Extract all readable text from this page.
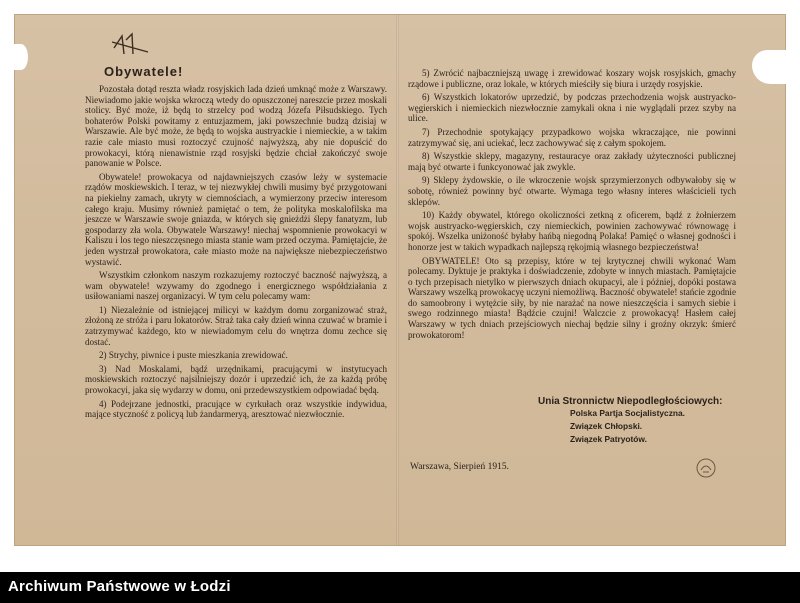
Obywatele!

Pozostała dotąd reszta władz rosyjskich lada dzień umknąć może z Warszawy. Niewiadomo jakie wojska wkroczą wtedy do opuszczonej nareszcie przez moskali stolicy. Być może, iż będą to strzelcy pod wodzą Józefa Piłsudskiego. Tych bohaterów Polski powitamy z entuzjazmem, jaki powszechnie budzą dzisiaj w Warszawie. Ale być może, że będą to wojska austryackie i niemieckie, a w takim razie cale miasto musi roztoczyć czujność najwyższą, aby nie dopuścić do prowokacyi, którą nienawistnie rząd rosyjski będzie chciał zakończyć swoje panowanie w Polsce.

Obywatele! prowokacya od najdawniejszych czasów leży w systemacie rządów moskiewskich. I teraz, w tej niezwykłej chwili musimy być przygotowani na piekielny zamach, ukryty w ciemnościach, a wymierzony przeciw interesom całego kraju. Musimy również pamiętać o tem, że polityka moskalofilska ma jeszcze w Warszawie swoje gniazda, w których się gnieżdżi ślepy fanatyzm, lub gospodarzy zła wola. Obywatele Warszawy! niechaj wspomnienie prowokacyi w Kaliszu i los tego nieszczęsnego miasta stanie wam przed oczyma. Pamiętajcie, że jeden wystrzał prowokatora, całe miasto może na największe niebezpieczeństwo wystawić.

Wszystkim członkom naszym rozkazujemy roztoczyć baczność najwyższą, a wam obywatele! wzywamy do zgodnego i energicznego współdziałania z usiłowaniami naszej organizacyi. W tym celu polecamy wam:

1) Niezależnie od istniejącej milicyi w każdym domu zorganizować straż, złożoną ze stróża i paru lokatorów. Straż taka cały dzień winna czuwać w bramie i zatrzymywać każdego, kto w niewiadomym celu do wnętrza domu zechce się dostać.

2) Strychy, piwnice i puste mieszkania zrewidować.

3) Nad Moskalami, bądź urzędnikami, pracującymi w instytucyach moskiewskich roztoczyć najsilniejszy dozór i uprzedzić ich, że za każdą próbę prowokacyi, jaka się wydarzy w domu, oni przedewszystkiem odpowiadać będą.

4) Podejrzane jednostki, pracujące w cyrkułach oraz wszystkie indywidua, mające styczność z policyą lub żandarmeryą, aresztować niezwłocznie.

5) Zwrócić najbaczniejszą uwagę i zrewidować koszary wojsk rosyjskich, gmachy rządowe i publiczne, oraz lokale, w których mieściły się biura i urzędy rosyjskie.

6) Wszystkich lokatorów uprzedzić, by podczas przechodzenia wojsk austryacko-węgierskich i niemieckich niezwłocznie zamykali okna i nie wyglądali przez szyby na ulice.

7) Przechodnie spotykający przypadkowo wojska wkraczające, nie powinni zatrzymywać się, ani uciekać, lecz zachowywać się z całym spokojem.

8) Wszystkie sklepy, magazyny, restauracye oraz zakłady użyteczności publicznej mają być otwarte i funkcyonować jak zwykle.

9) Sklepy żydowskie, o ile wkroczenie wojsk sprzymierzonych odbywałoby się w sobotę, również powinny być otwarte. Wymaga tego własny interes właścicieli tych sklepów.

10) Każdy obywatel, którego okoliczności zetkną z oficerem, bądź z żołnierzem wojsk austryacko-węgierskich, czy niemieckich, powinien zachowywać równowagę i spokój. Wszelka uniżoność byłaby hańbą niegodną Polaka! Pamięć o własnej godności i honorze jest w takich wypadkach najlepszą rękojmią własnego bezpieczeństwa!

OBYWATELE! Oto są przepisy, które w tej krytycznej chwili wykonać Wam polecamy. Dyktuje je praktyka i doświadczenie, zdobyte w innych miastach. Pamiętajcie o tych przepisach nietylko w pierwszych dniach okupacyi, ale i później, dopóki postawa Warszawy wszelką prowokacyę uczyni niemożliwą. Baczność obywatele! stańcie zgodnie do samoobrony i wytężcie siły, by nie narażać na nowe nieszczęścia i samych siebie i swego rodzinnego miasta! Bądźcie czujni! Walczcie z prowokacyą! Hasłem całej Warszawy w tych dniach przejściowych niechaj będzie silny i groźny okrzyk: śmierć prowokatorom!

Unia Stronnictw Niepodległościowych:
Polska Partja Socjalistyczna.
Związek Chłopski.
Związek Patryotów.
Warszawa, Sierpień 1915.
Archiwum Państwowe w Łodzi
